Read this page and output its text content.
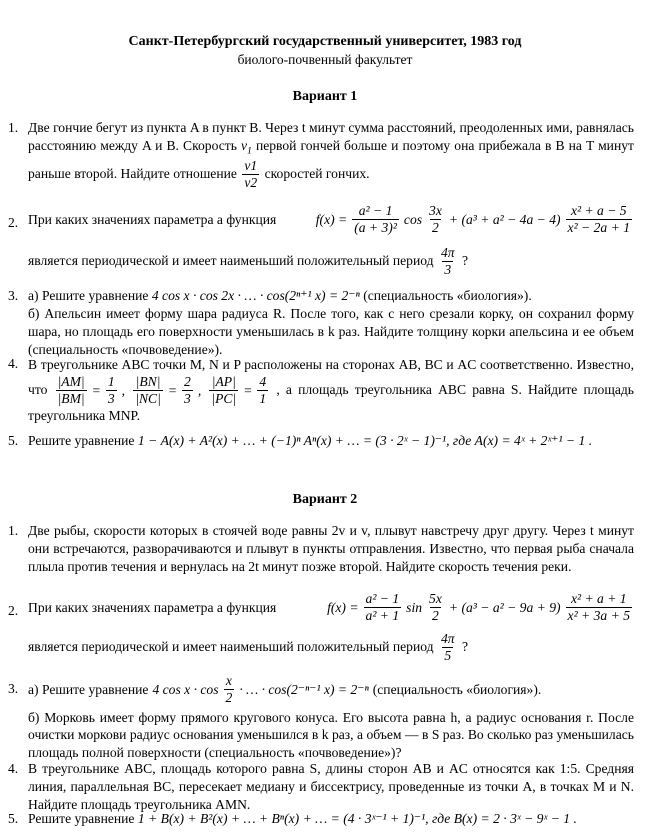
Санкт-Петербургский государственный университет, 1983 год
биолого-почвенный факультет
Вариант 1
1. Две гончие бегут из пункта A в пункт B. Через t минут сумма расстояний, преодоленных ими, равнялась расстоянию между A и B. Скорость $v_1$ первой гончей больше и поэтому она прибежала в B на T минут раньше второй. Найдите отношение $\frac{v1}{v2}$ скоростей гончих.
2. При каких значениях параметра a функция	$f(x) = \frac{\text{a² − 1}}{\text{(a + 3)²}}$ $\cos \frac{3x}{2} + (a^3 + a^2 - 4a - 4) \frac{\text{x² + a − 5}}{\text{x² − 2a + 1}}$

является периодической и имеет наименьший положительный период $\frac{4\pi}{3}$ ?

3. а) Решите уравнение 4 cos x · cos 2x · … · cos(2ⁿ⁺¹ x) = 2⁻ⁿ (специальность «биология»).

б) Апельсин имеет форму шара радиуса R. После того, как с него срезали корку, он сохранил форму шара, но площадь его поверхности уменьшилась в k раз. Найдите толщину корки апельсина и ее объем (специальность «почвоведение»).

4. В треугольнике ABC точки M, N и P расположены на сторонах AB, BC и AC соответственно. Известно, что $\frac{|AM|}{|BM|} = \frac{1}{3}$ , $\frac{|BN|}{|NC|} = \frac{2}{3}$ , $\frac{|AP|}{|PC|} = \frac{4}{1}$ , а площадь треугольника ABC равна S. Найдите площадь треугольника MNP.
5. Решите уравнение 1 − A(x) + A²(x) + … + (−1)ⁿ Aⁿ(x) + … = (3 · 2ˣ − 1)⁻¹, где A(x) = 4ˣ + 2ˣ⁺¹ − 1 .
Вариант 2
1. Две рыбы, скорости которых в стоячей воде равны 2v и v, плывут навстречу друг другу. Через t минут они встречаются, разворачиваются и плывут в пункты отправления. Известно, что первая рыба сначала плыла против течения и вернулась на 2t минут позже второй. Найдите скорость течения реки.
2. При каких значениях параметра a функция	$f(x) = \frac{\text{a² − 1}}{\text{a² + 1}}$ $\sin \frac{5x}{2} + (a^3 - a^2 - 9a + 9) \frac{\text{x² + a + 1}}{\text{x² + 3a + 5}}$

является периодической и имеет наименьший положительный период $\frac{4\pi}{5}$ ?

3. а) Решите уравнение 4 $\cos x \cdot \cos \frac{x}{2}$ · … · cos(2⁻ⁿ⁻¹ x) = 2⁻ⁿ (специальность «биология»).

б) Морковь имеет форму прямого кругового конуса. Его высота равна h, а радиус основания r. После очистки моркови радиус основания уменьшился в k раз, а объем — в S раз. Во сколько раз уменьшилась площадь полной поверхности (специальность «почвоведение»)?

4. В треугольнике ABC, площадь которого равна S, длины сторон AB и AC относятся как 1:5. Средняя линия, параллельная BC, пересекает медиану и биссектрису, проведенные из точки A, в точках M и N. Найдите площадь треугольника AMN.
5. Решите уравнение 1 + B(x) + B²(x) + … + Bⁿ(x) + … = (4 · 3ˣ⁻¹ + 1)⁻¹, где B(x) = 2 · 3ˣ − 9ˣ − 1 .
